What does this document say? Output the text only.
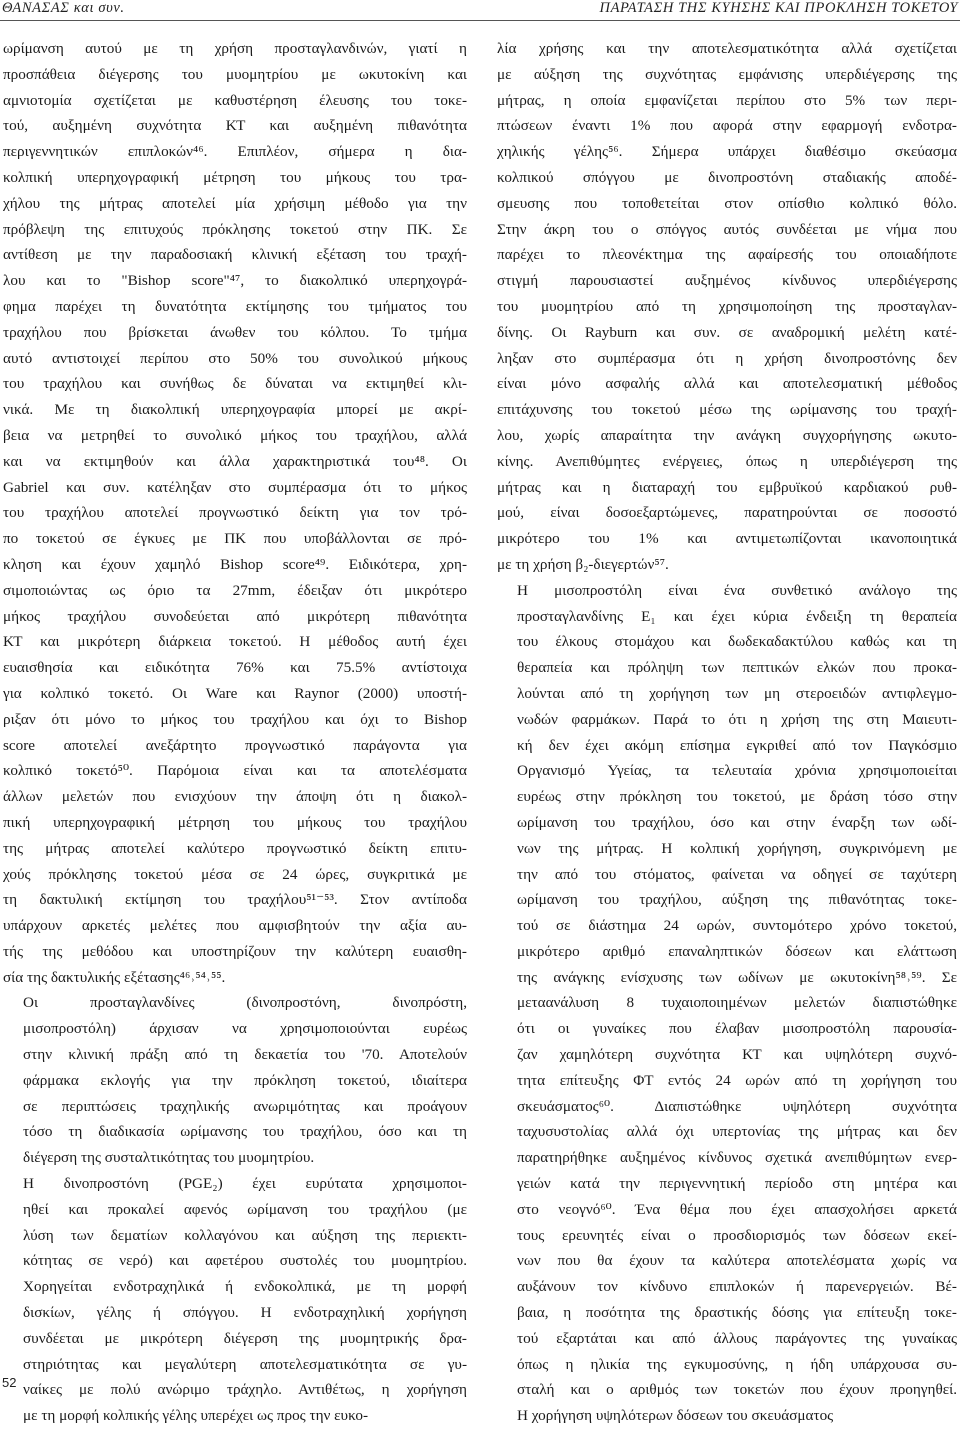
ΘΑΝΑΣΑΣ και συν.	ΠΑΡΑΤΑΣΗ ΤΗΣ ΚΥΗΣΗΣ ΚΑΙ ΠΡΟΚΛΗΣΗ ΤΟΚΕΤΟΥ

ωρίμανση αυτού με τη χρήση προσταγλανδινών, γιατί η
προσπάθεια διέγερσης του μυομητρίου με ωκυτοκίνη και
αμνιοτομία σχετίζεται με καθυστέρηση έλευσης του τοκε-
τού, αυξημένη συχνότητα ΚΤ και αυξημένη πιθανότητα
περιγεννητικών επιπλοκών⁴⁶. Επιπλέον, σήμερα η δια-
κολπική υπερηχογραφική μέτρηση του μήκους του τρα-
χήλου της μήτρας αποτελεί μία χρήσιμη μέθοδο για την
πρόβλεψη της επιτυχούς πρόκλησης τοκετού στην ΠΚ. Σε
αντίθεση με την παραδοσιακή κλινική εξέταση του τραχή-
λου και το "Bishop score"⁴⁷, το διακολπικό υπερηχογρά-
φημα παρέχει τη δυνατότητα εκτίμησης του τμήματος του
τραχήλου που βρίσκεται άνωθεν του κόλπου. Το τμήμα
αυτό αντιστοιχεί περίπου στο 50% του συνολικού μήκους
του τραχήλου και συνήθως δε δύναται να εκτιμηθεί κλι-
νικά. Με τη διακολπική υπερηχογραφία μπορεί με ακρί-
βεια να μετρηθεί το συνολικό μήκος του τραχήλου, αλλά
και να εκτιμηθούν και άλλα χαρακτηριστικά του⁴⁸. Οι
Gabriel και συν. κατέληξαν στο συμπέρασμα ότι το μήκος
του τραχήλου αποτελεί προγνωστικό δείκτη για τον τρό-
πο τοκετού σε έγκυες με ΠΚ που υποβάλλονται σε πρό-
κληση και έχουν χαμηλό Bishop score⁴⁹. Ειδικότερα, χρη-
σιμοποιώντας ως όριο τα 27mm, έδειξαν ότι μικρότερο
μήκος τραχήλου συνοδεύεται από μικρότερη πιθανότητα
ΚΤ και μικρότερη διάρκεια τοκετού. Η μέθοδος αυτή έχει
ευαισθησία και ειδικότητα 76% και 75.5% αντίστοιχα
για κολπικό τοκετό. Οι Ware και Raynor (2000) υποστή-
ριξαν ότι μόνο το μήκος του τραχήλου και όχι το Bishop
score αποτελεί ανεξάρτητο προγνωστικό παράγοντα για
κολπικό τοκετό⁵⁰. Παρόμοια είναι και τα αποτελέσματα
άλλων μελετών που ενισχύουν την άποψη ότι η διακολ-
πική υπερηχογραφική μέτρηση του μήκους του τραχήλου
της μήτρας αποτελεί καλύτερο προγνωστικό δείκτη επιτυ-
χούς πρόκλησης τοκετού μέσα σε 24 ώρες, συγκριτικά με
τη δακτυλική εκτίμηση του τραχήλου⁵¹⁻⁵³. Στον αντίποδα
υπάρχουν αρκετές μελέτες που αμφισβητούν την αξία αυ-
τής της μεθόδου και υποστηρίζουν την καλύτερη ευαισθη-
σία της δακτυλικής εξέτασης⁴⁶˒⁵⁴˒⁵⁵.

Οι προσταγλανδίνες (δινοπροστόνη, δινοπρόστη,
μισοπροστόλη) άρχισαν να χρησιμοποιούνται ευρέως
στην κλινική πράξη από τη δεκαετία του '70. Αποτελούν
φάρμακα εκλογής για την πρόκληση τοκετού, ιδιαίτερα
σε περιπτώσεις τραχηλικής ανωριμότητας και προάγουν
τόσο τη διαδικασία ωρίμανσης του τραχήλου, όσο και τη
διέγερση της συσταλτικότητας του μυομητρίου.

Η δινοπροστόνη (PGE₂) έχει ευρύτατα χρησιμοποι-
ηθεί και προκαλεί αφενός ωρίμανση του τραχήλου (με
λύση των δεματίων κολλαγόνου και αύξηση της περιεκτι-
κότητας σε νερό) και αφετέρου συστολές του μυομητρίου.
Χορηγείται ενδοτραχηλικά ή ενδοκολπικά, με τη μορφή
δισκίων, γέλης ή σπόγγου. Η ενδοτραχηλική χορήγηση
συνδέεται με μικρότερη διέγερση της μυομητρικής δρα-
στηριότητας και μεγαλύτερη αποτελεσματικότητα σε γυ-
ναίκες με πολύ ανώριμο τράχηλο. Αντιθέτως, η χορήγηση
με τη μορφή κολπικής γέλης υπερέχει ως προς την ευκο-

λία χρήσης και την αποτελεσματικότητα αλλά σχετίζεται
με αύξηση της συχνότητας εμφάνισης υπερδιέγερσης της
μήτρας, η οποία εμφανίζεται περίπου στο 5% των περι-
πτώσεων έναντι 1% που αφορά στην εφαρμογή ενδοτρα-
χηλικής γέλης⁵⁶. Σήμερα υπάρχει διαθέσιμο σκεύασμα
κολπικού σπόγγου με δινοπροστόνη σταδιακής αποδέ-
σμευσης που τοποθετείται στον οπίσθιο κολπικό θόλο.
Στην άκρη του ο σπόγγος αυτός συνδέεται με νήμα που
παρέχει το πλεονέκτημα της αφαίρεσής του οποιαδήποτε
στιγμή παρουσιαστεί αυξημένος κίνδυνος υπερδιέγερσης
του μυομητρίου από τη χρησιμοποίηση της προσταγλαν-
δίνης. Οι Rayburn και συν. σε αναδρομική μελέτη κατέ-
ληξαν στο συμπέρασμα ότι η χρήση δινοπροστόνης δεν
είναι μόνο ασφαλής αλλά και αποτελεσματική μέθοδος
επιτάχυνσης του τοκετού μέσω της ωρίμανσης του τραχή-
λου, χωρίς απαραίτητα την ανάγκη συγχορήγησης ωκυτο-
κίνης. Ανεπιθύμητες ενέργειες, όπως η υπερδιέγερση της
μήτρας και η διαταραχή του εμβρυϊκού καρδιακού ρυθ-
μού, είναι δοσοεξαρτώμενες, παρατηρούνται σε ποσοστό
μικρότερο του 1% και αντιμετωπίζονται ικανοποιητικά
με τη χρήση β₂-διεγερτών⁵⁷.

Η μισοπροστόλη είναι ένα συνθετικό ανάλογο της
προσταγλανδίνης Ε₁ και έχει κύρια ένδειξη τη θεραπεία
του έλκους στομάχου και δωδεκαδακτύλου καθώς και τη
θεραπεία και πρόληψη των πεπτικών ελκών που προκα-
λούνται από τη χορήγηση των μη στεροειδών αντιφλεγμο-
νωδών φαρμάκων. Παρά το ότι η χρήση της στη Μαιευτι-
κή δεν έχει ακόμη επίσημα εγκριθεί από τον Παγκόσμιο
Οργανισμό Υγείας, τα τελευταία χρόνια χρησιμοποιείται
ευρέως στην πρόκληση του τοκετού, με δράση τόσο στην
ωρίμανση του τραχήλου, όσο και στην έναρξη των ωδί-
νων της μήτρας. Η κολπική χορήγηση, συγκρινόμενη με
την από του στόματος, φαίνεται να οδηγεί σε ταχύτερη
ωρίμανση του τραχήλου, αύξηση της πιθανότητας τοκε-
τού σε διάστημα 24 ωρών, συντομότερο χρόνο τοκετού,
μικρότερο αριθμό επαναληπτικών δόσεων και ελάττωση
της ανάγκης ενίσχυσης των ωδίνων με ωκυτοκίνη⁵⁸˒⁵⁹. Σε
μεταανάλυση 8 τυχαιοποιημένων μελετών διαπιστώθηκε
ότι οι γυναίκες που έλαβαν μισοπροστόλη παρουσία-
ζαν χαμηλότερη συχνότητα ΚΤ και υψηλότερη συχνό-
τητα επίτευξης ΦΤ εντός 24 ωρών από τη χορήγηση του
σκευάσματος⁶⁰. Διαπιστώθηκε υψηλότερη συχνότητα
ταχυσυστολίας αλλά όχι υπερτονίας της μήτρας και δεν
παρατηρήθηκε αυξημένος κίνδυνος σχετικά ανεπιθύμητων ενερ-
γειών κατά την περιγεννητική περίοδο στη μητέρα και
στο νεογνό⁶⁰. Ένα θέμα που έχει απασχολήσει αρκετά
τους ερευνητές είναι ο προσδιορισμός των δόσεων εκεί-
νων που θα έχουν τα καλύτερα αποτελέσματα χωρίς να
αυξάνουν τον κίνδυνο επιπλοκών ή παρενεργειών. Βέ-
βαια, η ποσότητα της δραστικής δόσης για επίτευξη τοκε-
τού εξαρτάται και από άλλους παράγοντες της γυναίκας
όπως η ηλικία της εγκυμοσύνης, η ήδη υπάρχουσα συ-
σταλή και ο αριθμός των τοκετών που έχουν προηγηθεί.
Η χορήγηση υψηλότερων δόσεων του σκευάσματος

52
